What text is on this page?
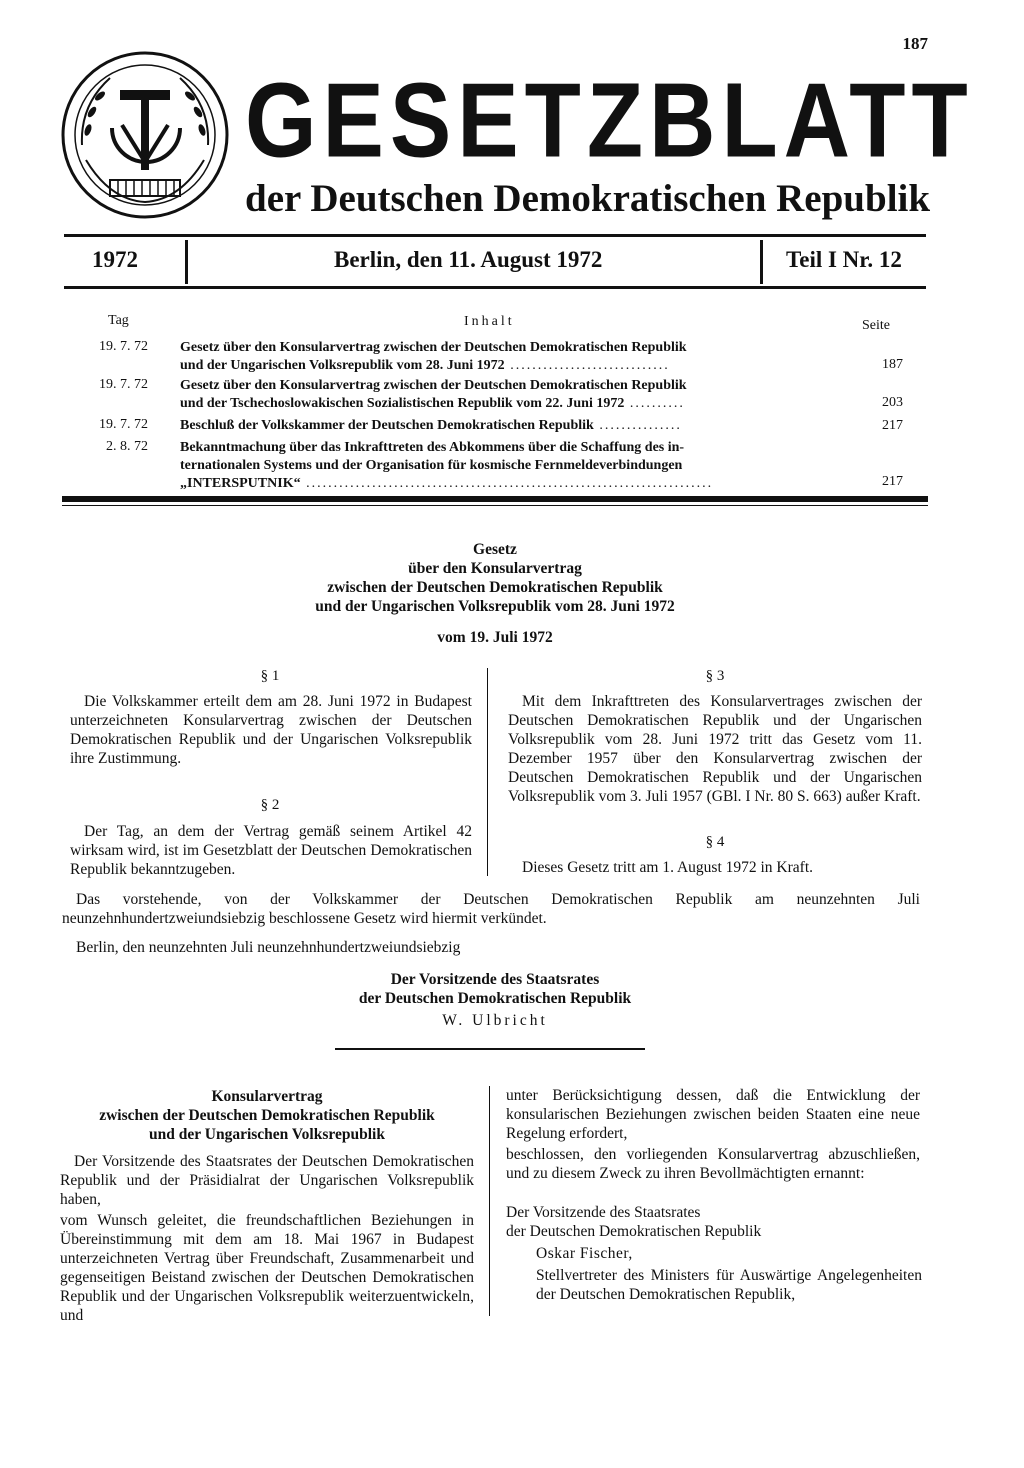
187
GESETZBLATT
der Deutschen Demokratischen Republik
1972	Berlin, den 11. August 1972	Teil I Nr. 12
Tag	Inhalt	Seite
19. 7. 72 Gesetz über den Konsularvertrag zwischen der Deutschen Demokratischen Republik
und der Ungarischen Volksrepublik vom 28. Juni 1972 .............................	187
19. 7. 72 Gesetz über den Konsularvertrag zwischen der Deutschen Demokratischen Republik
und der Tschechoslowakischen Sozialistischen Republik vom 22. Juni 1972 ..........	203
19. 7. 72 Beschluß der Volkskammer der Deutschen Demokratischen Republik ...............	217
2. 8. 72 Bekanntmachung über das Inkrafttreten des Abkommens über die Schaffung des in-
ternationalen Systems und der Organisation für kosmische Fernmeldeverbindungen
„INTERSPUTNIK“ ..........................................................................	217
Gesetz
über den Konsularvertrag
zwischen der Deutschen Demokratischen Republik
und der Ungarischen Volksrepublik vom 28. Juni 1972
vom 19. Juli 1972
§ 1
Die Volkskammer erteilt dem am 28. Juni 1972 in Budapest unterzeichneten Konsularvertrag zwischen der Deutschen Demokratischen Republik und der Ungarischen Volksrepublik ihre Zustimmung.
§ 2
Der Tag, an dem der Vertrag gemäß seinem Artikel 42 wirksam wird, ist im Gesetzblatt der Deutschen Demokratischen Republik bekanntzugeben.
§ 3
Mit dem Inkrafttreten des Konsularvertrages zwischen der Deutschen Demokratischen Republik und der Ungarischen Volksrepublik vom 28. Juni 1972 tritt das Gesetz vom 11. Dezember 1957 über den Konsularvertrag zwischen der Deutschen Demokratischen Republik und der Ungarischen Volksrepublik vom 3. Juli 1957 (GBl. I Nr. 80 S. 663) außer Kraft.
§ 4
Dieses Gesetz tritt am 1. August 1972 in Kraft.
Das vorstehende, von der Volkskammer der Deutschen Demokratischen Republik am neunzehnten Juli neunzehnhundertzweiundsiebzig beschlossene Gesetz wird hiermit verkündet.
Berlin, den neunzehnten Juli neunzehnhundertzweiundsiebzig
Der Vorsitzende des Staatsrates
der Deutschen Demokratischen Republik
W. Ulbricht
Konsularvertrag
zwischen der Deutschen Demokratischen Republik
und der Ungarischen Volksrepublik
Der Vorsitzende des Staatsrates der Deutschen Demokratischen Republik und der Präsidialrat der Ungarischen Volksrepublik haben,
vom Wunsch geleitet, die freundschaftlichen Beziehungen in Übereinstimmung mit dem am 18. Mai 1967 in Budapest unterzeichneten Vertrag über Freundschaft, Zusammenarbeit und gegenseitigen Beistand zwischen der Deutschen Demokratischen Republik und der Ungarischen Volksrepublik weiterzuentwickeln, und
unter Berücksichtigung dessen, daß die Entwicklung der konsularischen Beziehungen zwischen beiden Staaten eine neue Regelung erfordert,
beschlossen, den vorliegenden Konsularvertrag abzuschließen, und zu diesem Zweck zu ihren Bevollmächtigten ernannt:
Der Vorsitzende des Staatsrates
der Deutschen Demokratischen Republik
Oskar Fischer,
Stellvertreter des Ministers für Auswärtige Angelegenheiten der Deutschen Demokratischen Republik,
